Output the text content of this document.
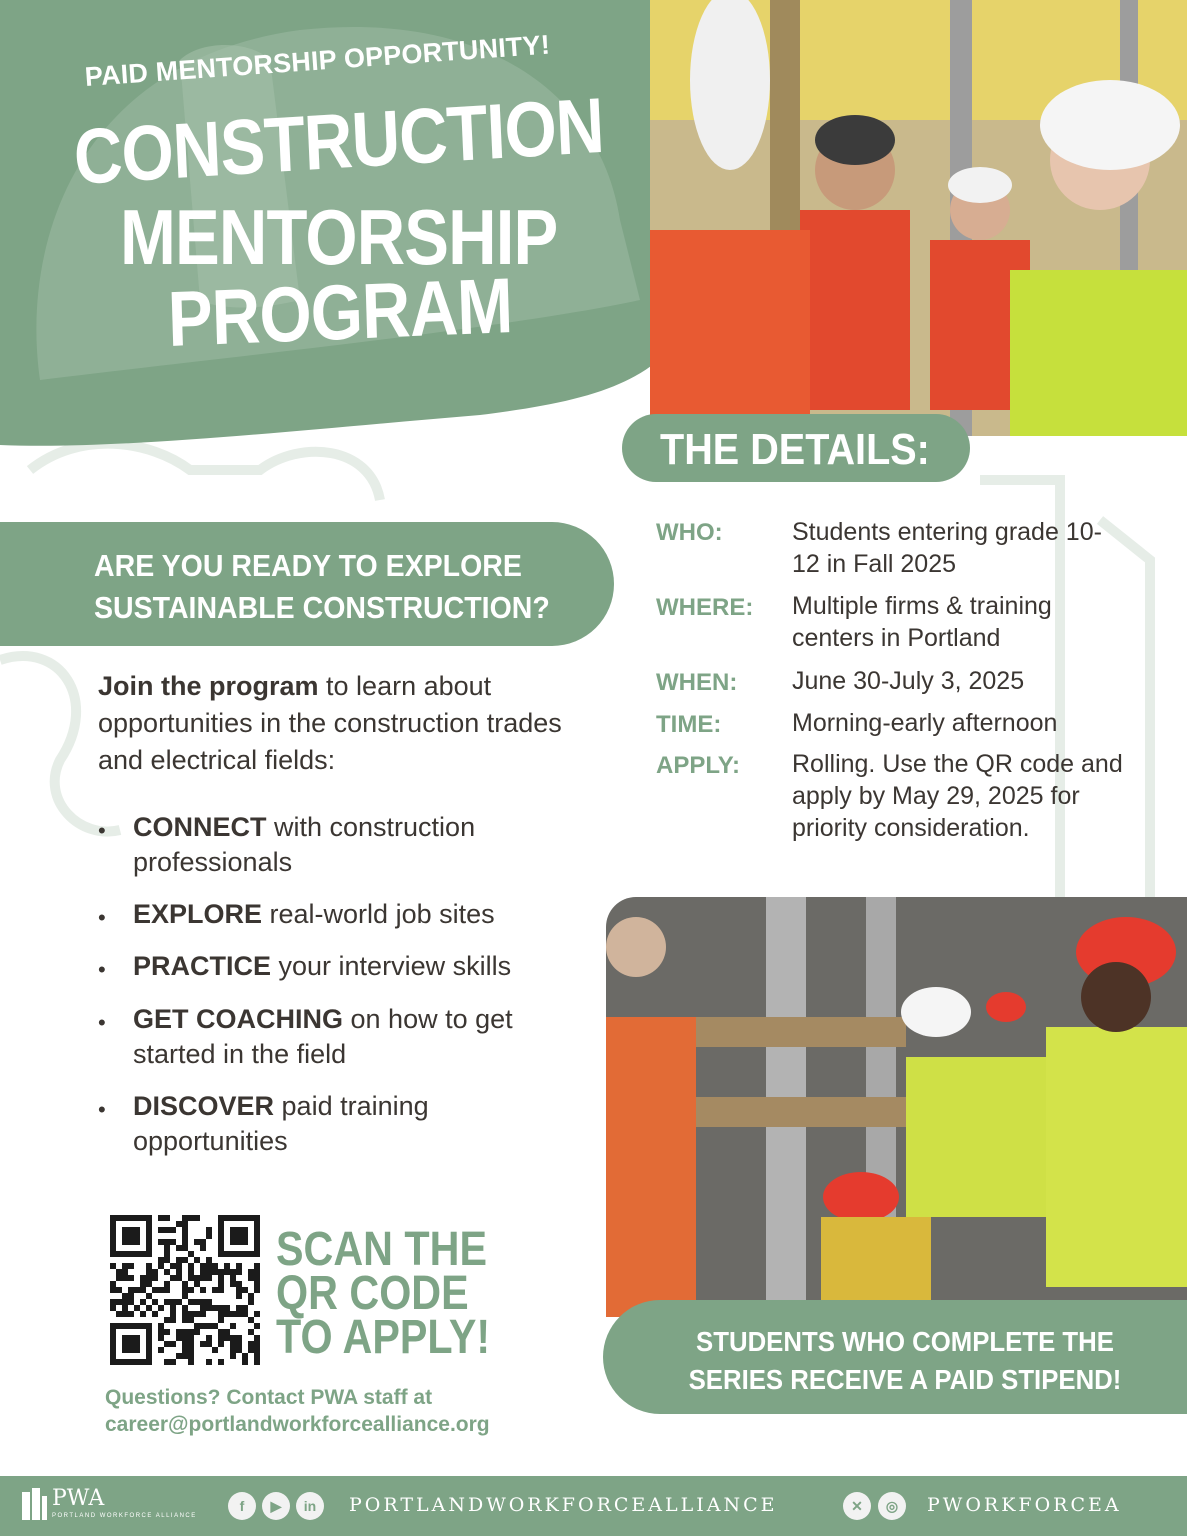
PAID MENTORSHIP OPPORTUNITY!
CONSTRUCTION
MENTORSHIP
PROGRAM
THE DETAILS:
WHO:	Students entering grade 10-12 in Fall 2025
WHERE: Multiple firms & training centers in Portland
WHEN: June 30-July 3, 2025
TIME:	Morning-early afternoon
APPLY: Rolling. Use the QR code and apply by May 29, 2025 for priority consideration.
ARE YOU READY TO EXPLORE
SUSTAINABLE CONSTRUCTION?
Join the program to learn about opportunities in the construction trades and electrical fields:
• CONNECT with construction professionals
• EXPLORE real-world job sites
• PRACTICE your interview skills
• GET COACHING on how to get started in the field
• DISCOVER paid training opportunities
SCAN THE
QR CODE
TO APPLY!
Questions? Contact PWA staff at
career@portlandworkforcealliance.org
STUDENTS WHO COMPLETE THE
SERIES RECEIVE A PAID STIPEND!
PWA
PORTLAND WORKFORCE ALLIANCE
f	▶	in	PORTLANDWORKFORCEALLIANCE	✕	◎	PWORKFORCEA
